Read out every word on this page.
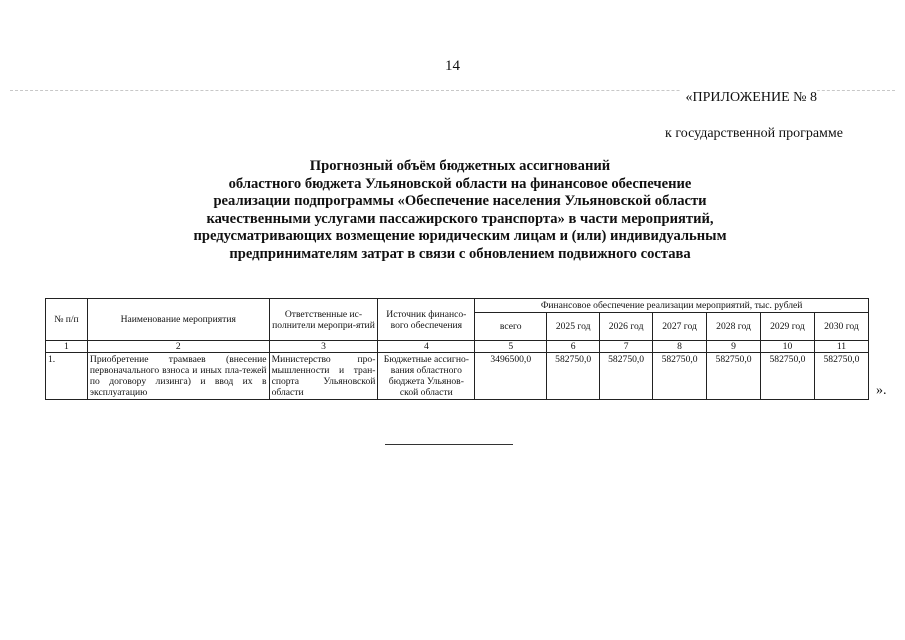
14
«ПРИЛОЖЕНИЕ № 8
к государственной программе
Прогнозный объём бюджетных ассигнований
областного бюджета Ульяновской области на финансовое обеспечение
реализации подпрограммы «Обеспечение населения Ульяновской области
качественными услугами пассажирского транспорта» в части мероприятий,
предусматривающих возмещение юридическим лицам и (или) индивидуальным
предпринимателям затрат в связи с обновлением подвижного состава
№ п/п	Наименование мероприятия	Ответственные ис-полнители меропри-ятий	Источник финансо-вого обеспечения	Финансовое обеспечение реализации мероприятий, тыс. рублей						
				всего	2025 год	2026 год	2027 год	2028 год	2029 год	2030 год
1	2	3	4	5	6	7	8	9	10	11
1.	Приобретение трамваев (внесение первоначального взноса и иных пла-тежей по договору лизинга) и ввод их в эксплуатацию	Министерство про-мышленности и тран-спорта Ульяновской области	Бюджетные ассигно-вания областного бюджета Ульянов-ской области	3496500,0	582750,0	582750,0	582750,0	582750,0	582750,0	582750,0
».
